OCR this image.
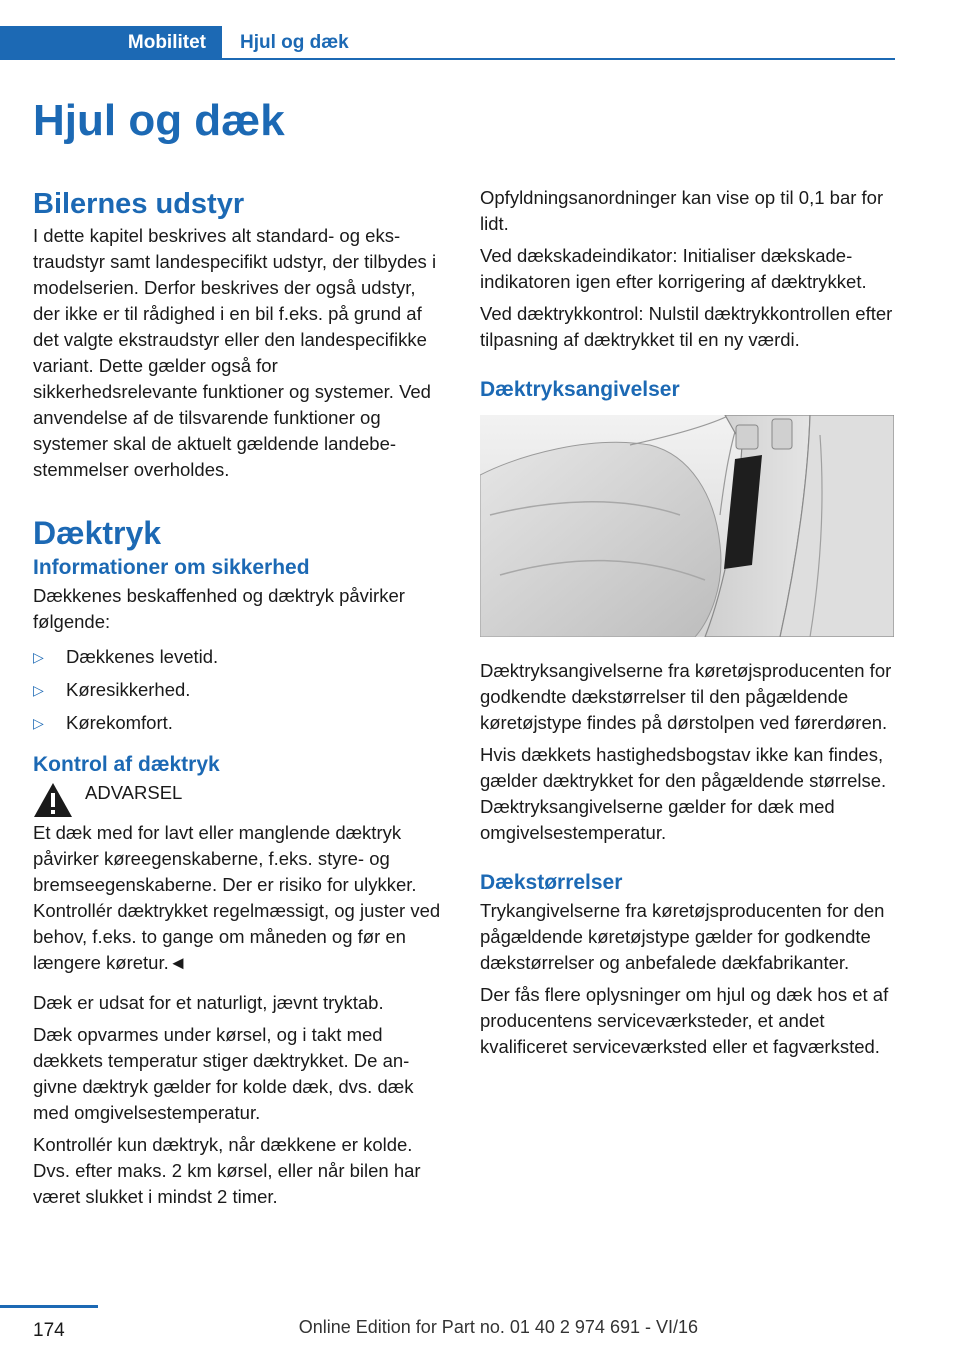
Mobilitet	Hjul og dæk
Hjul og dæk
Bilernes udstyr

I dette kapitel beskrives alt standard- og ekstraudstyr samt landespecifikt udstyr, der tilbydes i modelserien. Derfor beskrives der også udstyr, der ikke er til rådighed i en bil f.eks. på grund af det valgte ekstraudstyr eller den landespecifikke variant. Dette gælder også for sikkerhedsrelevante funktioner og systemer. Ved anvendelse af de tilsvarende funktioner og systemer skal de aktuelt gældende landebestemmelser overholdes.

Dæktryk
Informationer om sikkerhed

Dækkenes beskaffenhed og dæktryk påvirker følgende:

▷ Dækkenes levetid.
▷ Køresikkerhed.
▷ Kørekomfort.
Kontrol af dæktryk

ADVARSEL

Et dæk med for lavt eller manglende dæktryk påvirker køreegenskaberne, f.eks. styre- og bremseegenskaberne. Der er risiko for ulykker. Kontrollér dæktrykket regelmæssigt, og juster ved behov, f.eks. to gange om måneden og før en længere køretur.◄

Dæk er udsat for et naturligt, jævnt tryktab.

Dæk opvarmes under kørsel, og i takt med dækkets temperatur stiger dæktrykket. De angivne dæktryk gælder for kolde dæk, dvs. dæk med omgivelsestemperatur.

Kontrollér kun dæktryk, når dækkene er kolde. Dvs. efter maks. 2 km kørsel, eller når bilen har været slukket i mindst 2 timer.

Opfyldningsanordninger kan vise op til 0,1 bar for lidt.

Ved dækskadeindikator: Initialiser dækskadeindikatoren igen efter korrigering af dæktrykket.

Ved dæktrykkontrol: Nulstil dæktrykkontrollen efter tilpasning af dæktrykket til en ny værdi.

Dæktryksangivelser

Dæktryksangivelserne fra køretøjsproducenten for godkendte dækstørrelser til den pågældende køretøjstype findes på dørstolpen ved førerdøren.

Hvis dækkets hastighedsbogstav ikke kan findes, gælder dæktrykket for den pågældende størrelse. Dæktryksangivelserne gælder for dæk med omgivelsestemperatur.

Dækstørrelser

Trykangivelserne fra køretøjsproducenten for den pågældende køretøjstype gælder for godkendte dækstørrelser og anbefalede dækfabrikanter.

Der fås flere oplysninger om hjul og dæk hos et af producentens serviceværksteder, et andet kvalificeret serviceværksted eller et fagværksted.

174	Online Edition for Part no. 01 40 2 974 691 - VI/16
